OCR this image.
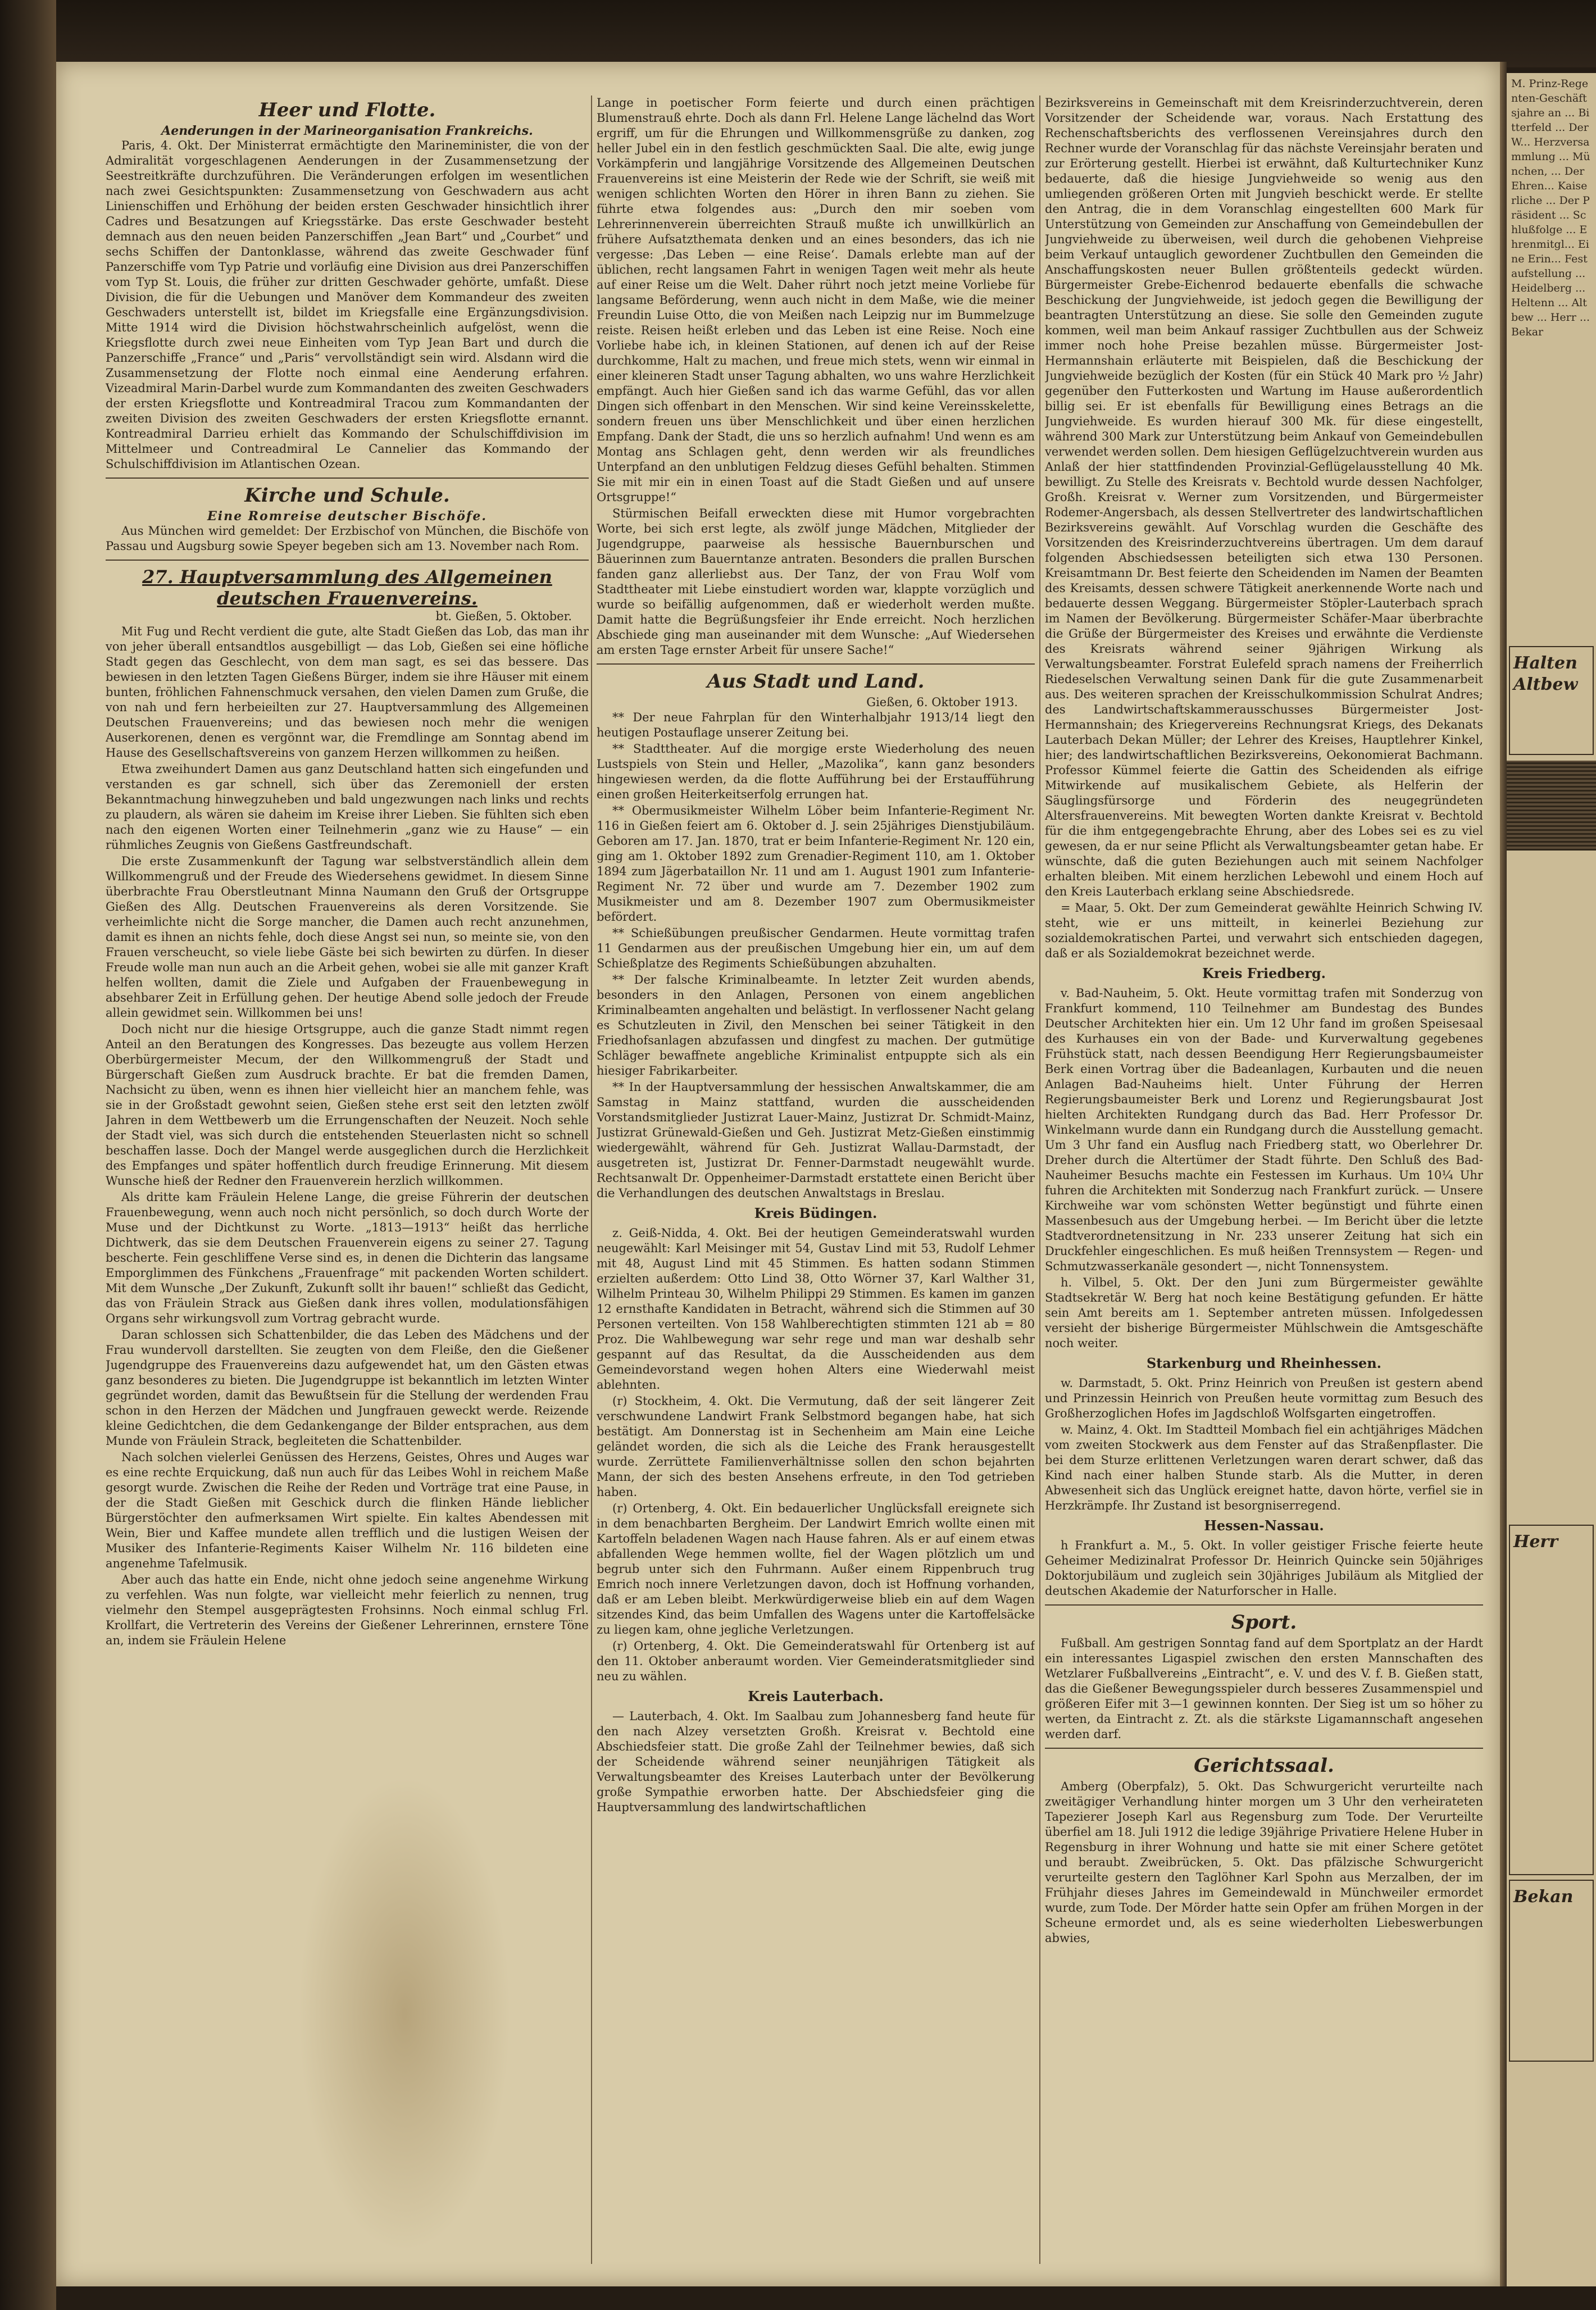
Heer und Flotte.
Aenderungen in der Marineorganisation Frankreichs.

Paris, 4. Okt. Der Ministerrat ermächtigte den Marineminister, die von der Admiralität vorgeschlagenen Aenderungen in der Zusammensetzung der Seestreitkräfte durchzuführen. Die Veränderungen erfolgen im wesentlichen nach zwei Gesichtspunkten: Zusammensetzung von Geschwadern aus acht Linienschiffen und Erhöhung der beiden ersten Geschwader hinsichtlich ihrer Cadres und Besatzungen auf Kriegsstärke. Das erste Geschwader besteht demnach aus den neuen beiden Panzerschiffen „Jean Bart“ und „Courbet“ und sechs Schiffen der Dantonklasse, während das zweite Geschwader fünf Panzerschiffe vom Typ Patrie und vorläufig eine Division aus drei Panzerschiffen vom Typ St. Louis, die früher zur dritten Geschwader gehörte, umfaßt. Diese Division, die für die Uebungen und Manöver dem Kommandeur des zweiten Geschwaders unterstellt ist, bildet im Kriegsfalle eine Ergänzungsdivision. Mitte 1914 wird die Division höchstwahrscheinlich aufgelöst, wenn die Kriegsflotte durch zwei neue Einheiten vom Typ Jean Bart und durch die Panzerschiffe „France“ und „Paris“ vervollständigt sein wird. Alsdann wird die Zusammensetzung der Flotte noch einmal eine Aenderung erfahren. Vizeadmiral Marin-Darbel wurde zum Kommandanten des zweiten Geschwaders der ersten Kriegsflotte und Kontreadmiral Tracou zum Kommandanten der zweiten Division des zweiten Geschwaders der ersten Kriegsflotte ernannt. Kontreadmiral Darrieu erhielt das Kommando der Schulschiffdivision im Mittelmeer und Contreadmiral Le Cannelier das Kommando der Schulschiffdivision im Atlantischen Ozean.

Kirche und Schule.
Eine Romreise deutscher Bischöfe.

Aus München wird gemeldet: Der Erzbischof von München, die Bischöfe von Passau und Augsburg sowie Speyer begeben sich am 13. November nach Rom.

27. Hauptversammlung des Allgemeinen deutschen Frauenvereins.
bt. Gießen, 5. Oktober.

Mit Fug und Recht verdient die gute, alte Stadt Gießen das Lob, das man ihr von jeher überall entsandtlos ausgebilligt — das Lob, Gießen sei eine höfliche Stadt gegen das Geschlecht, von dem man sagt, es sei das bessere. Das bewiesen in den letzten Tagen Gießens Bürger, indem sie ihre Häuser mit einem bunten, fröhlichen Fahnenschmuck versahen, den vielen Damen zum Gruße, die von nah und fern herbeieilten zur 27. Hauptversammlung des Allgemeinen Deutschen Frauenvereins; und das bewiesen noch mehr die wenigen Auserkorenen, denen es vergönnt war, die Fremdlinge am Sonntag abend im Hause des Gesellschaftsvereins von ganzem Herzen willkommen zu heißen.

Etwa zweihundert Damen aus ganz Deutschland hatten sich eingefunden und verstanden es gar schnell, sich über das Zeremoniell der ersten Bekanntmachung hinwegzuheben und bald ungezwungen nach links und rechts zu plaudern, als wären sie daheim im Kreise ihrer Lieben. Sie fühlten sich eben nach den eigenen Worten einer Teilnehmerin „ganz wie zu Hause“ — ein rühmliches Zeugnis von Gießens Gastfreundschaft.

Die erste Zusammenkunft der Tagung war selbstverständlich allein dem Willkommengruß und der Freude des Wiedersehens gewidmet. In diesem Sinne überbrachte Frau Oberstleutnant Minna Naumann den Gruß der Ortsgruppe Gießen des Allg. Deutschen Frauenvereins als deren Vorsitzende. Sie verheimlichte nicht die Sorge mancher, die Damen auch recht anzunehmen, damit es ihnen an nichts fehle, doch diese Angst sei nun, so meinte sie, von den Frauen verscheucht, so viele liebe Gäste bei sich bewirten zu dürfen. In dieser Freude wolle man nun auch an die Arbeit gehen, wobei sie alle mit ganzer Kraft helfen wollten, damit die Ziele und Aufgaben der Frauenbewegung in absehbarer Zeit in Erfüllung gehen. Der heutige Abend solle jedoch der Freude allein gewidmet sein. Willkommen bei uns!

Doch nicht nur die hiesige Ortsgruppe, auch die ganze Stadt nimmt regen Anteil an den Beratungen des Kongresses. Das bezeugte aus vollem Herzen Oberbürgermeister Mecum, der den Willkommengruß der Stadt und Bürgerschaft Gießen zum Ausdruck brachte. Er bat die fremden Damen, Nachsicht zu üben, wenn es ihnen hier vielleicht hier an manchem fehle, was sie in der Großstadt gewohnt seien, Gießen stehe erst seit den letzten zwölf Jahren in dem Wettbewerb um die Errungenschaften der Neuzeit. Noch sehle der Stadt viel, was sich durch die entstehenden Steuerlasten nicht so schnell beschaffen lasse. Doch der Mangel werde ausgeglichen durch die Herzlichkeit des Empfanges und später hoffentlich durch freudige Erinnerung. Mit diesem Wunsche hieß der Redner den Frauenverein herzlich willkommen.

Als dritte kam Fräulein Helene Lange, die greise Führerin der deutschen Frauenbewegung, wenn auch noch nicht persönlich, so doch durch Worte der Muse und der Dichtkunst zu Worte. „1813—1913“ heißt das herrliche Dichtwerk, das sie dem Deutschen Frauenverein eigens zu seiner 27. Tagung bescherte. Fein geschliffene Verse sind es, in denen die Dichterin das langsame Emporglimmen des Fünkchens „Frauenfrage“ mit packenden Worten schildert. Mit dem Wunsche „Der Zukunft, Zukunft sollt ihr bauen!“ schließt das Gedicht, das von Fräulein Strack aus Gießen dank ihres vollen, modulationsfähigen Organs sehr wirkungsvoll zum Vortrag gebracht wurde.

Daran schlossen sich Schattenbilder, die das Leben des Mädchens und der Frau wundervoll darstellten. Sie zeugten von dem Fleiße, den die Gießener Jugendgruppe des Frauenvereins dazu aufgewendet hat, um den Gästen etwas ganz besonderes zu bieten. Die Jugendgruppe ist bekanntlich im letzten Winter gegründet worden, damit das Bewußtsein für die Stellung der werdenden Frau schon in den Herzen der Mädchen und Jungfrauen geweckt werde. Reizende kleine Gedichtchen, die dem Gedankengange der Bilder entsprachen, aus dem Munde von Fräulein Strack, begleiteten die Schattenbilder.

Nach solchen vielerlei Genüssen des Herzens, Geistes, Ohres und Auges war es eine rechte Erquickung, daß nun auch für das Leibes Wohl in reichem Maße gesorgt wurde. Zwischen die Reihe der Reden und Vorträge trat eine Pause, in der die Stadt Gießen mit Geschick durch die flinken Hände lieblicher Bürgerstöchter den aufmerksamen Wirt spielte. Ein kaltes Abendessen mit Wein, Bier und Kaffee mundete allen trefflich und die lustigen Weisen der Musiker des Infanterie-Regiments Kaiser Wilhelm Nr. 116 bildeten eine angenehme Tafelmusik.

Aber auch das hatte ein Ende, nicht ohne jedoch seine angenehme Wirkung zu verfehlen. Was nun folgte, war vielleicht mehr feierlich zu nennen, trug vielmehr den Stempel ausgeprägtesten Frohsinns. Noch einmal schlug Frl. Krollfart, die Vertreterin des Vereins der Gießener Lehrerinnen, ernstere Töne an, indem sie Fräulein Helene

Lange in poetischer Form feierte und durch einen prächtigen Blumenstrauß ehrte. Doch als dann Frl. Helene Lange lächelnd das Wort ergriff, um für die Ehrungen und Willkommensgrüße zu danken, zog heller Jubel ein in den festlich geschmückten Saal. Die alte, ewig junge Vorkämpferin und langjährige Vorsitzende des Allgemeinen Deutschen Frauenvereins ist eine Meisterin der Rede wie der Schrift, sie weiß mit wenigen schlichten Worten den Hörer in ihren Bann zu ziehen. Sie führte etwa folgendes aus: „Durch den mir soeben vom Lehrerinnenverein überreichten Strauß mußte ich unwillkürlich an frühere Aufsatzthemata denken und an eines besonders, das ich nie vergesse: ‚Das Leben — eine Reise‘. Damals erlebte man auf der üblichen, recht langsamen Fahrt in wenigen Tagen weit mehr als heute auf einer Reise um die Welt. Daher rührt noch jetzt meine Vorliebe für langsame Beförderung, wenn auch nicht in dem Maße, wie die meiner Freundin Luise Otto, die von Meißen nach Leipzig nur im Bummelzuge reiste. Reisen heißt erleben und das Leben ist eine Reise. Noch eine Vorliebe habe ich, in kleinen Stationen, auf denen ich auf der Reise durchkomme, Halt zu machen, und freue mich stets, wenn wir einmal in einer kleineren Stadt unser Tagung abhalten, wo uns wahre Herzlichkeit empfängt. Auch hier Gießen sand ich das warme Gefühl, das vor allen Dingen sich offenbart in den Menschen. Wir sind keine Vereinsskelette, sondern freuen uns über Menschlichkeit und über einen herzlichen Empfang. Dank der Stadt, die uns so herzlich aufnahm! Und wenn es am Montag ans Schlagen geht, denn werden wir als freundliches Unterpfand an den unblutigen Feldzug dieses Gefühl behalten. Stimmen Sie mit mir ein in einen Toast auf die Stadt Gießen und auf unsere Ortsgruppe!“

Stürmischen Beifall erweckten diese mit Humor vorgebrachten Worte, bei sich erst legte, als zwölf junge Mädchen, Mitglieder der Jugendgruppe, paarweise als hessische Bauernburschen und Bäuerinnen zum Bauerntanze antraten. Besonders die prallen Burschen fanden ganz allerliebst aus. Der Tanz, der von Frau Wolf vom Stadttheater mit Liebe einstudiert worden war, klappte vorzüglich und wurde so beifällig aufgenommen, daß er wiederholt werden mußte. Damit hatte die Begrüßungsfeier ihr Ende erreicht. Noch herzlichen Abschiede ging man auseinander mit dem Wunsche: „Auf Wiedersehen am ersten Tage ernster Arbeit für unsere Sache!“

Aus Stadt und Land.
Gießen, 6. Oktober 1913.

** Der neue Fahrplan für den Winterhalbjahr 1913/14 liegt den heutigen Postauflage unserer Zeitung bei.

** Stadttheater. Auf die morgige erste Wiederholung des neuen Lustspiels von Stein und Heller, „Mazolika“, kann ganz besonders hingewiesen werden, da die flotte Aufführung bei der Erstaufführung einen großen Heiterkeitserfolg errungen hat.

** Obermusikmeister Wilhelm Löber beim Infanterie-Regiment Nr. 116 in Gießen feiert am 6. Oktober d. J. sein 25jähriges Dienstjubiläum. Geboren am 17. Jan. 1870, trat er beim Infanterie-Regiment Nr. 120 ein, ging am 1. Oktober 1892 zum Grenadier-Regiment 110, am 1. Oktober 1894 zum Jägerbataillon Nr. 11 und am 1. August 1901 zum Infanterie-Regiment Nr. 72 über und wurde am 7. Dezember 1902 zum Musikmeister und am 8. Dezember 1907 zum Obermusikmeister befördert.

** Schießübungen preußischer Gendarmen. Heute vormittag trafen 11 Gendarmen aus der preußischen Umgebung hier ein, um auf dem Schießplatze des Regiments Schießübungen abzuhalten.

** Der falsche Kriminalbeamte. In letzter Zeit wurden abends, besonders in den Anlagen, Personen von einem angeblichen Kriminalbeamten angehalten und belästigt. In verflossener Nacht gelang es Schutzleuten in Zivil, den Menschen bei seiner Tätigkeit in den Friedhofsanlagen abzufassen und dingfest zu machen. Der gutmütige Schläger bewaffnete angebliche Kriminalist entpuppte sich als ein hiesiger Fabrikarbeiter.

** In der Hauptversammlung der hessischen Anwaltskammer, die am Samstag in Mainz stattfand, wurden die ausscheidenden Vorstandsmitglieder Justizrat Lauer-Mainz, Justizrat Dr. Schmidt-Mainz, Justizrat Grünewald-Gießen und Geh. Justizrat Metz-Gießen einstimmig wiedergewählt, während für Geh. Justizrat Wallau-Darmstadt, der ausgetreten ist, Justizrat Dr. Fenner-Darmstadt neugewählt wurde. Rechtsanwalt Dr. Oppenheimer-Darmstadt erstattete einen Bericht über die Verhandlungen des deutschen Anwaltstags in Breslau.

Kreis Büdingen.

z. Geiß-Nidda, 4. Okt. Bei der heutigen Gemeinderatswahl wurden neugewählt: Karl Meisinger mit 54, Gustav Lind mit 53, Rudolf Lehmer mit 48, August Lind mit 45 Stimmen. Es hatten sodann Stimmen erzielten außerdem: Otto Lind 38, Otto Wörner 37, Karl Walther 31, Wilhelm Printeau 30, Wilhelm Philippi 29 Stimmen. Es kamen im ganzen 12 ernsthafte Kandidaten in Betracht, während sich die Stimmen auf 30 Personen verteilten. Von 158 Wahlberechtigten stimmten 121 ab = 80 Proz. Die Wahlbewegung war sehr rege und man war deshalb sehr gespannt auf das Resultat, da die Ausscheidenden aus dem Gemeindevorstand wegen hohen Alters eine Wiederwahl meist ablehnten.

(r) Stockheim, 4. Okt. Die Vermutung, daß der seit längerer Zeit verschwundene Landwirt Frank Selbstmord begangen habe, hat sich bestätigt. Am Donnerstag ist in Sechenheim am Main eine Leiche geländet worden, die sich als die Leiche des Frank herausgestellt wurde. Zerrüttete Familienverhältnisse sollen den schon bejahrten Mann, der sich des besten Ansehens erfreute, in den Tod getrieben haben.

(r) Ortenberg, 4. Okt. Ein bedauerlicher Unglücksfall ereignete sich in dem benachbarten Bergheim. Der Landwirt Emrich wollte einen mit Kartoffeln beladenen Wagen nach Hause fahren. Als er auf einem etwas abfallenden Wege hemmen wollte, fiel der Wagen plötzlich um und begrub unter sich den Fuhrmann. Außer einem Rippenbruch trug Emrich noch innere Verletzungen davon, doch ist Hoffnung vorhanden, daß er am Leben bleibt. Merkwürdigerweise blieb ein auf dem Wagen sitzendes Kind, das beim Umfallen des Wagens unter die Kartoffelsäcke zu liegen kam, ohne jegliche Verletzungen.

(r) Ortenberg, 4. Okt. Die Gemeinderatswahl für Ortenberg ist auf den 11. Oktober anberaumt worden. Vier Gemeinderatsmitglieder sind neu zu wählen.

Kreis Lauterbach.

— Lauterbach, 4. Okt. Im Saalbau zum Johannesberg fand heute für den nach Alzey versetzten Großh. Kreisrat v. Bechtold eine Abschiedsfeier statt. Die große Zahl der Teilnehmer bewies, daß sich der Scheidende während seiner neunjährigen Tätigkeit als Verwaltungsbeamter des Kreises Lauterbach unter der Bevölkerung große Sympathie erworben hatte. Der Abschiedsfeier ging die Hauptversammlung des landwirtschaftlichen

Bezirksvereins in Gemeinschaft mit dem Kreisrinderzuchtverein, deren Vorsitzender der Scheidende war, voraus. Nach Erstattung des Rechenschaftsberichts des verflossenen Vereinsjahres durch den Rechner wurde der Voranschlag für das nächste Vereinsjahr beraten und zur Erörterung gestellt. Hierbei ist erwähnt, daß Kulturtechniker Kunz bedauerte, daß die hiesige Jungviehweide so wenig aus den umliegenden größeren Orten mit Jungvieh beschickt werde. Er stellte den Antrag, die in dem Voranschlag eingestellten 600 Mark für Unterstützung von Gemeinden zur Anschaffung von Gemeindebullen der Jungviehweide zu überweisen, weil durch die gehobenen Viehpreise beim Verkauf untauglich gewordener Zuchtbullen den Gemeinden die Anschaffungskosten neuer Bullen größtenteils gedeckt würden. Bürgermeister Grebe-Eichenrod bedauerte ebenfalls die schwache Beschickung der Jungviehweide, ist jedoch gegen die Bewilligung der beantragten Unterstützung an diese. Sie solle den Gemeinden zugute kommen, weil man beim Ankauf rassiger Zuchtbullen aus der Schweiz immer noch hohe Preise bezahlen müsse. Bürgermeister Jost-Hermannshain erläuterte mit Beispielen, daß die Beschickung der Jungviehweide bezüglich der Kosten (für ein Stück 40 Mark pro ½ Jahr) gegenüber den Futterkosten und Wartung im Hause außerordentlich billig sei. Er ist ebenfalls für Bewilligung eines Betrags an die Jungviehweide. Es wurden hierauf 300 Mk. für diese eingestellt, während 300 Mark zur Unterstützung beim Ankauf von Gemeindebullen verwendet werden sollen. Dem hiesigen Geflügelzuchtverein wurden aus Anlaß der hier stattfindenden Provinzial-Geflügelausstellung 40 Mk. bewilligt. Zu Stelle des Kreisrats v. Bechtold wurde dessen Nachfolger, Großh. Kreisrat v. Werner zum Vorsitzenden, und Bürgermeister Rodemer-Angersbach, als dessen Stellvertreter des landwirtschaftlichen Bezirksvereins gewählt. Auf Vorschlag wurden die Geschäfte des Vorsitzenden des Kreisrinderzuchtvereins übertragen. Um dem darauf folgenden Abschiedsessen beteiligten sich etwa 130 Personen. Kreisamtmann Dr. Best feierte den Scheidenden im Namen der Beamten des Kreisamts, dessen schwere Tätigkeit anerkennende Worte nach und bedauerte dessen Weggang. Bürgermeister Stöpler-Lauterbach sprach im Namen der Bevölkerung. Bürgermeister Schäfer-Maar überbrachte die Grüße der Bürgermeister des Kreises und erwähnte die Verdienste des Kreisrats während seiner 9jährigen Wirkung als Verwaltungsbeamter. Forstrat Eulefeld sprach namens der Freiherrlich Riedeselschen Verwaltung seinen Dank für die gute Zusammenarbeit aus. Des weiteren sprachen der Kreisschulkommission Schulrat Andres; des Landwirtschaftskammerausschusses Bürgermeister Jost-Hermannshain; des Kriegervereins Rechnungsrat Kriegs, des Dekanats Lauterbach Dekan Müller; der Lehrer des Kreises, Hauptlehrer Kinkel, hier; des landwirtschaftlichen Bezirksvereins, Oekonomierat Bachmann. Professor Kümmel feierte die Gattin des Scheidenden als eifrige Mitwirkende auf musikalischem Gebiete, als Helferin der Säuglingsfürsorge und Förderin des neugegründeten Altersfrauenvereins. Mit bewegten Worten dankte Kreisrat v. Bechtold für die ihm entgegengebrachte Ehrung, aber des Lobes sei es zu viel gewesen, da er nur seine Pflicht als Verwaltungsbeamter getan habe. Er wünschte, daß die guten Beziehungen auch mit seinem Nachfolger erhalten bleiben. Mit einem herzlichen Lebewohl und einem Hoch auf den Kreis Lauterbach erklang seine Abschiedsrede.

= Maar, 5. Okt. Der zum Gemeinderat gewählte Heinrich Schwing IV. steht, wie er uns mitteilt, in keinerlei Beziehung zur sozialdemokratischen Partei, und verwahrt sich entschieden dagegen, daß er als Sozialdemokrat bezeichnet werde.

Kreis Friedberg.

v. Bad-Nauheim, 5. Okt. Heute vormittag trafen mit Sonderzug von Frankfurt kommend, 110 Teilnehmer am Bundestag des Bundes Deutscher Architekten hier ein. Um 12 Uhr fand im großen Speisesaal des Kurhauses ein von der Bade- und Kurverwaltung gegebenes Frühstück statt, nach dessen Beendigung Herr Regierungsbaumeister Berk einen Vortrag über die Badeanlagen, Kurbauten und die neuen Anlagen Bad-Nauheims hielt. Unter Führung der Herren Regierungsbaumeister Berk und Lorenz und Regierungsbaurat Jost hielten Architekten Rundgang durch das Bad. Herr Professor Dr. Winkelmann wurde dann ein Rundgang durch die Ausstellung gemacht. Um 3 Uhr fand ein Ausflug nach Friedberg statt, wo Oberlehrer Dr. Dreher durch die Altertümer der Stadt führte. Den Schluß des Bad-Nauheimer Besuchs machte ein Festessen im Kurhaus. Um 10¼ Uhr fuhren die Architekten mit Sonderzug nach Frankfurt zurück. — Unsere Kirchweihe war vom schönsten Wetter begünstigt und führte einen Massenbesuch aus der Umgebung herbei. — Im Bericht über die letzte Stadtverordnetensitzung in Nr. 233 unserer Zeitung hat sich ein Druckfehler eingeschlichen. Es muß heißen Trennsystem — Regen- und Schmutzwasserkanäle gesondert —, nicht Tonnensystem.

h. Vilbel, 5. Okt. Der den Juni zum Bürgermeister gewählte Stadtsekretär W. Berg hat noch keine Bestätigung gefunden. Er hätte sein Amt bereits am 1. September antreten müssen. Infolgedessen versieht der bisherige Bürgermeister Mühlschwein die Amtsgeschäfte noch weiter.

Starkenburg und Rheinhessen.

w. Darmstadt, 5. Okt. Prinz Heinrich von Preußen ist gestern abend und Prinzessin Heinrich von Preußen heute vormittag zum Besuch des Großherzoglichen Hofes im Jagdschloß Wolfsgarten eingetroffen.

w. Mainz, 4. Okt. Im Stadtteil Mombach fiel ein achtjähriges Mädchen vom zweiten Stockwerk aus dem Fenster auf das Straßenpflaster. Die bei dem Sturze erlittenen Verletzungen waren derart schwer, daß das Kind nach einer halben Stunde starb. Als die Mutter, in deren Abwesenheit sich das Unglück ereignet hatte, davon hörte, verfiel sie in Herzkrämpfe. Ihr Zustand ist besorgniserregend.

Hessen-Nassau.

h Frankfurt a. M., 5. Okt. In voller geistiger Frische feierte heute Geheimer Medizinalrat Professor Dr. Heinrich Quincke sein 50jähriges Doktorjubiläum und zugleich sein 30jähriges Jubiläum als Mitglied der deutschen Akademie der Naturforscher in Halle.

Sport.

Fußball. Am gestrigen Sonntag fand auf dem Sportplatz an der Hardt ein interessantes Ligaspiel zwischen den ersten Mannschaften des Wetzlarer Fußballvereins „Eintracht“, e. V. und des V. f. B. Gießen statt, das die Gießener Bewegungsspieler durch besseres Zusammenspiel und größeren Eifer mit 3—1 gewinnen konnten. Der Sieg ist um so höher zu werten, da Eintracht z. Zt. als die stärkste Ligamannschaft angesehen werden darf.

Gerichtssaal.

Amberg (Oberpfalz), 5. Okt. Das Schwurgericht verurteilte nach zweitägiger Verhandlung hinter morgen um 3 Uhr den verheirateten Tapezierer Joseph Karl aus Regensburg zum Tode. Der Verurteilte überfiel am 18. Juli 1912 die ledige 39jährige Privatiere Helene Huber in Regensburg in ihrer Wohnung und hatte sie mit einer Schere getötet und beraubt. Zweibrücken, 5. Okt. Das pfälzische Schwurgericht verurteilte gestern den Taglöhner Karl Spohn aus Merzalben, der im Frühjahr dieses Jahres im Gemeindewald in Münchweiler ermordet wurde, zum Tode. Der Mörder hatte sein Opfer am frühen Morgen in der Scheune ermordet und, als es seine wiederholten Liebeswerbungen abwies,

M. Prinz-Regenten-Geschäftsjahre an ... Bitterfeld ... Der W... Herzversammlung ... München, ... Der Ehren... Kaiserliche ... Der Präsident ... Schlußfolge ... Ehrenmitgl... Eine Erin... Festaufstellung ... Heidelberg ... Heltenn ... Altbew ... Herr ... Bekar
Halten Altbew
Herr
Bekan
